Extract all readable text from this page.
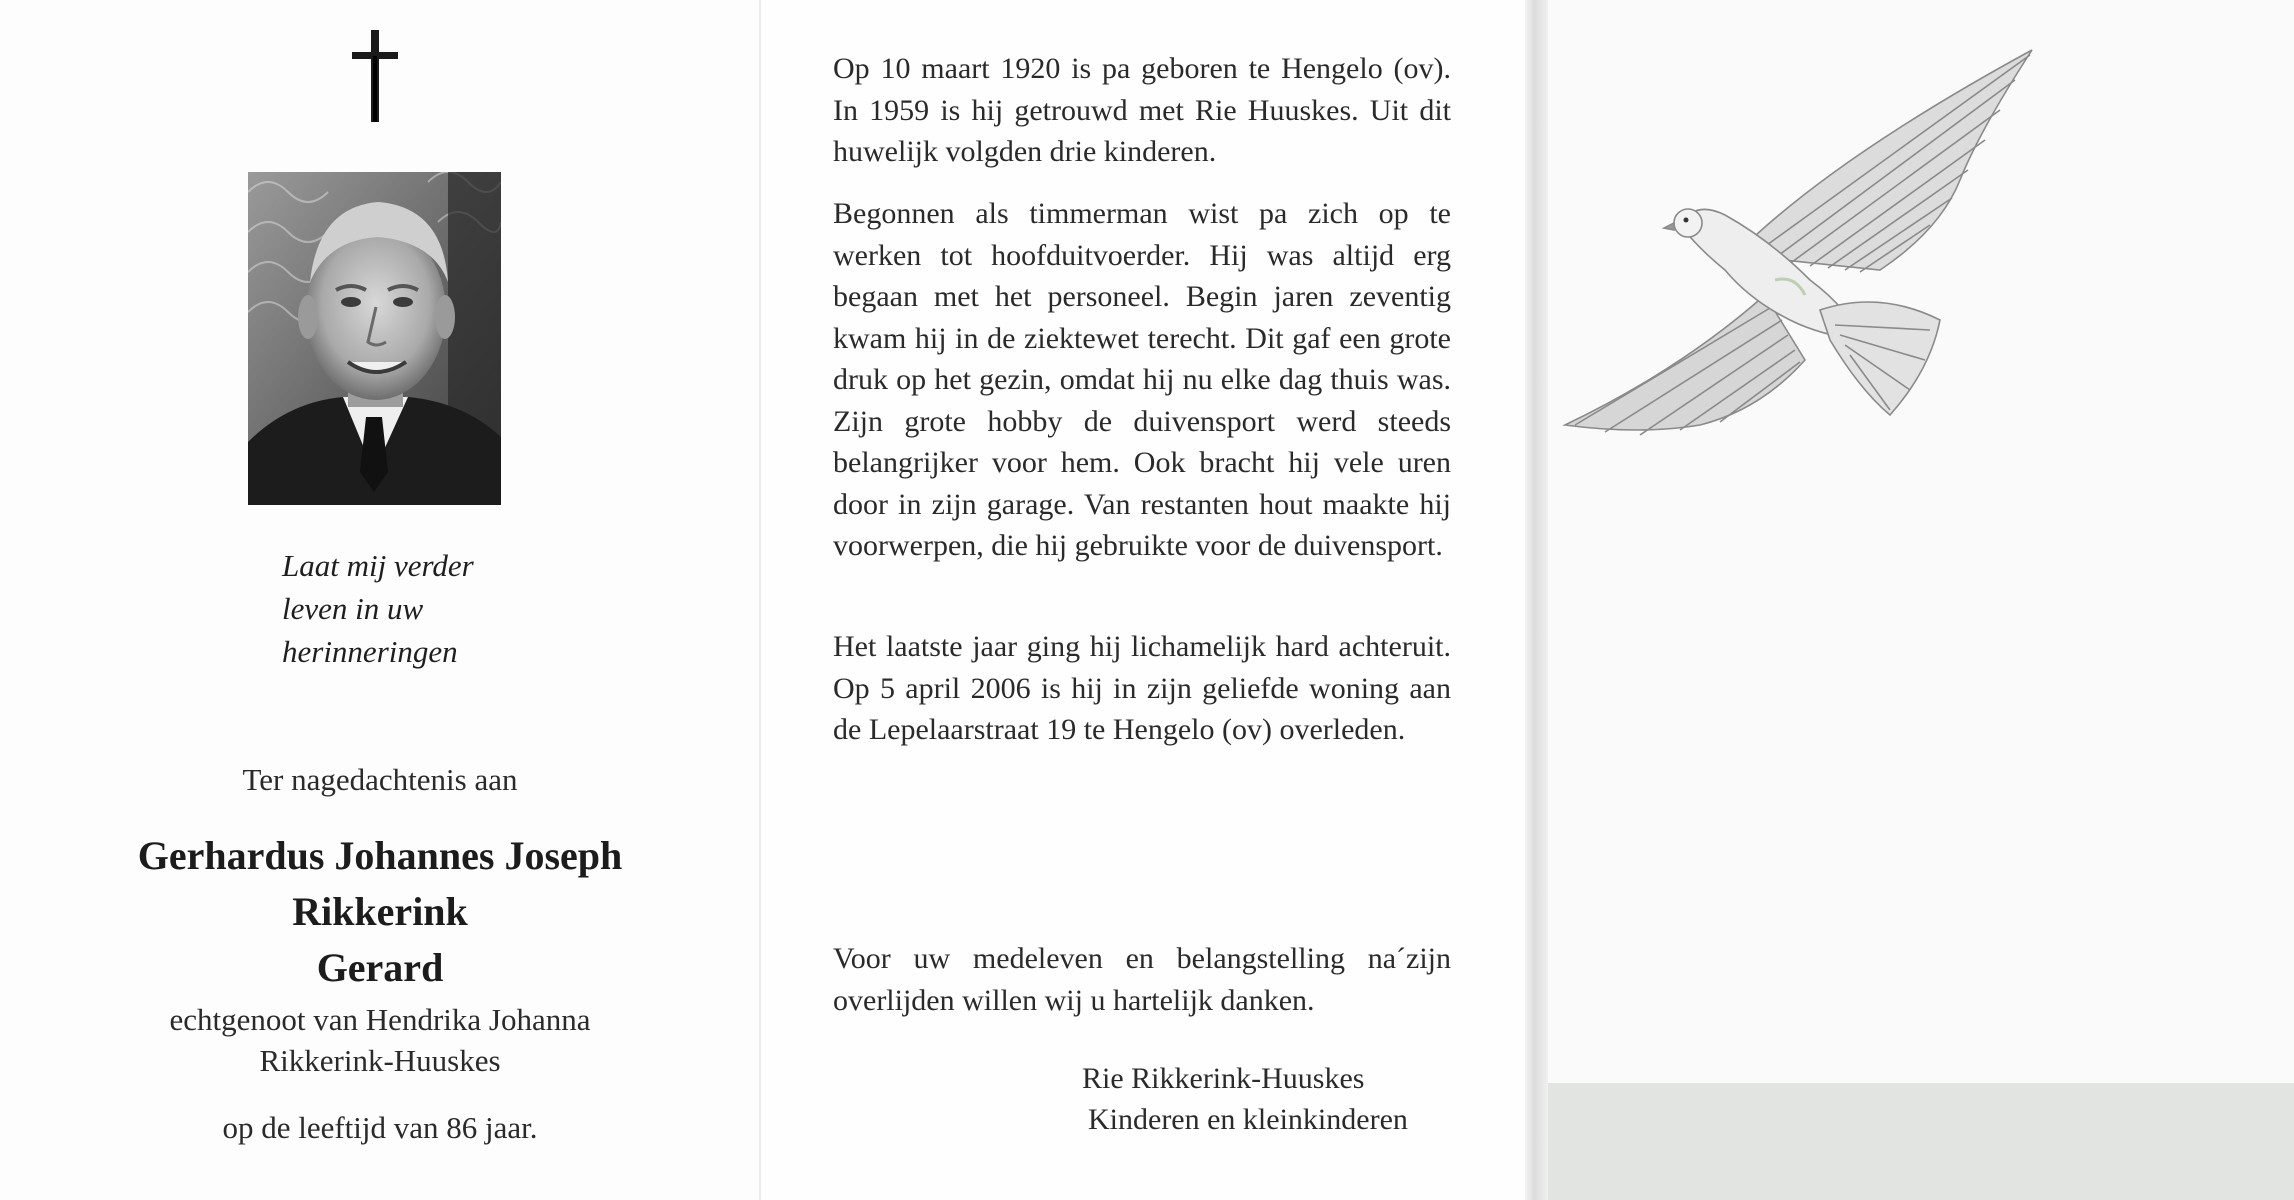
Laat mij verder
leven in uw
herinneringen
Ter nagedachtenis aan
Gerhardus Johannes Joseph
Rikkerink
Gerard
echtgenoot van Hendrika Johanna
Rikkerink-Huuskes
op de leeftijd van 86 jaar.
Op 10 maart 1920 is pa geboren te Hengelo (ov). In 1959 is hij getrouwd met Rie Huuskes. Uit dit huwelijk volgden drie kinderen.
Begonnen als timmerman wist pa zich op te werken tot hoofduitvoerder. Hij was altijd erg begaan met het personeel. Begin jaren zeventig kwam hij in de ziektewet terecht. Dit gaf een grote druk op het gezin, omdat hij nu elke dag thuis was. Zijn grote hobby de duivensport werd steeds belangrijker voor hem. Ook bracht hij vele uren door in zijn garage. Van restanten hout maakte hij voorwerpen, die hij gebruikte voor de duivensport.
Het laatste jaar ging hij lichamelijk hard achteruit. Op 5 april 2006 is hij in zijn geliefde woning aan de Lepelaarstraat 19 te Hengelo (ov) overleden.
Voor uw medeleven en belangstelling na´zijn overlijden willen wij u hartelijk danken.
Rie Rikkerink-Huuskes
Kinderen en kleinkinderen
